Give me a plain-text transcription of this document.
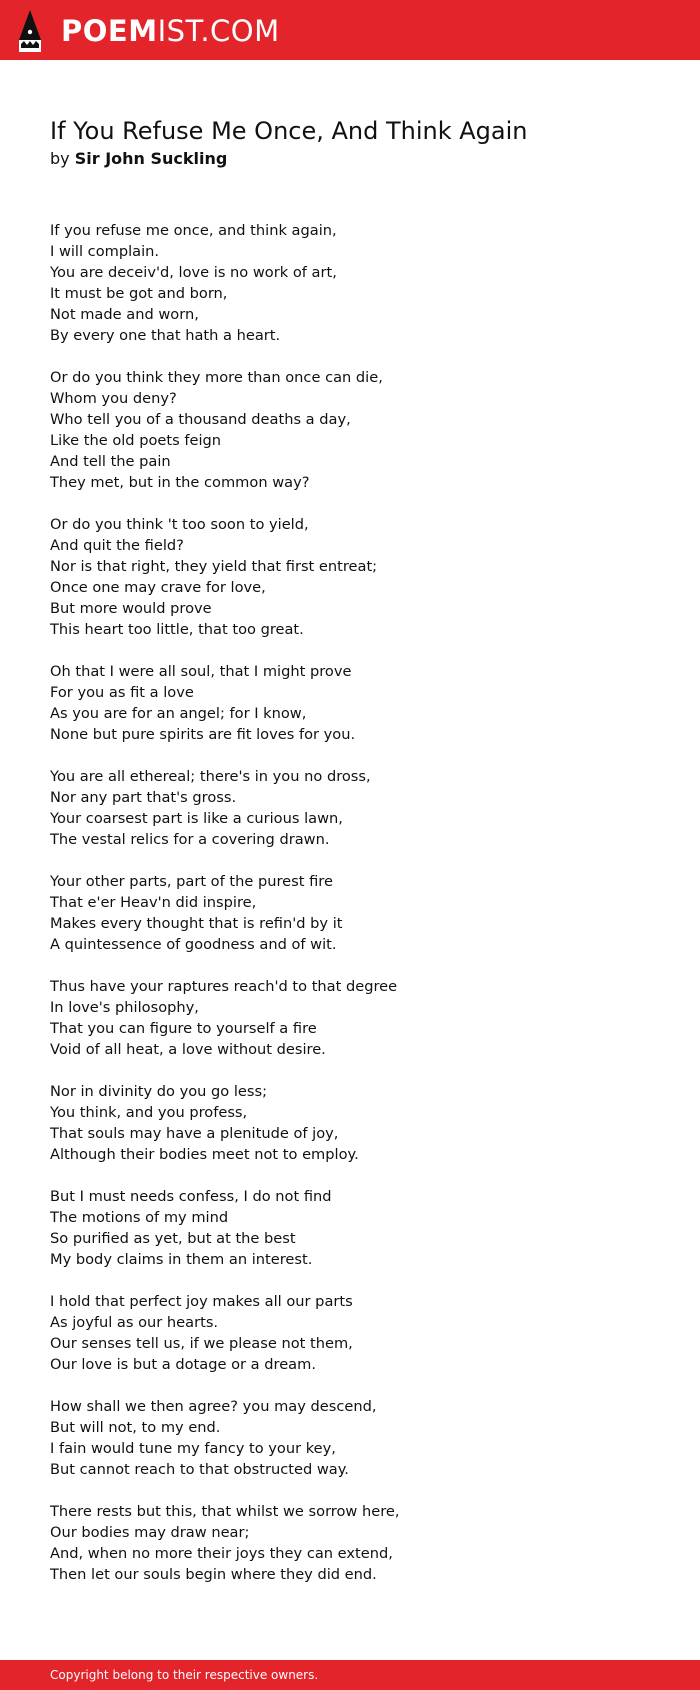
POEMIST.COM
If You Refuse Me Once, And Think Again
by Sir John Suckling
If you refuse me once, and think again,
I will complain.
You are deceiv'd, love is no work of art,
It must be got and born,
Not made and worn,
By every one that hath a heart.
Or do you think they more than once can die,
Whom you deny?
Who tell you of a thousand deaths a day,
Like the old poets feign
And tell the pain
They met, but in the common way?
Or do you think 't too soon to yield,
And quit the field?
Nor is that right, they yield that first entreat;
Once one may crave for love,
But more would prove
This heart too little, that too great.
Oh that I were all soul, that I might prove
For you as fit a love
As you are for an angel; for I know,
None but pure spirits are fit loves for you.
You are all ethereal; there's in you no dross,
Nor any part that's gross.
Your coarsest part is like a curious lawn,
The vestal relics for a covering drawn.
Your other parts, part of the purest fire
That e'er Heav'n did inspire,
Makes every thought that is refin'd by it
A quintessence of goodness and of wit.
Thus have your raptures reach'd to that degree
In love's philosophy,
That you can figure to yourself a fire
Void of all heat, a love without desire.
Nor in divinity do you go less;
You think, and you profess,
That souls may have a plenitude of joy,
Although their bodies meet not to employ.
But I must needs confess, I do not find
The motions of my mind
So purified as yet, but at the best
My body claims in them an interest.
I hold that perfect joy makes all our parts
As joyful as our hearts.
Our senses tell us, if we please not them,
Our love is but a dotage or a dream.
How shall we then agree? you may descend,
But will not, to my end.
I fain would tune my fancy to your key,
But cannot reach to that obstructed way.
There rests but this, that whilst we sorrow here,
Our bodies may draw near;
And, when no more their joys they can extend,
Then let our souls begin where they did end.
Copyright belong to their respective owners.
